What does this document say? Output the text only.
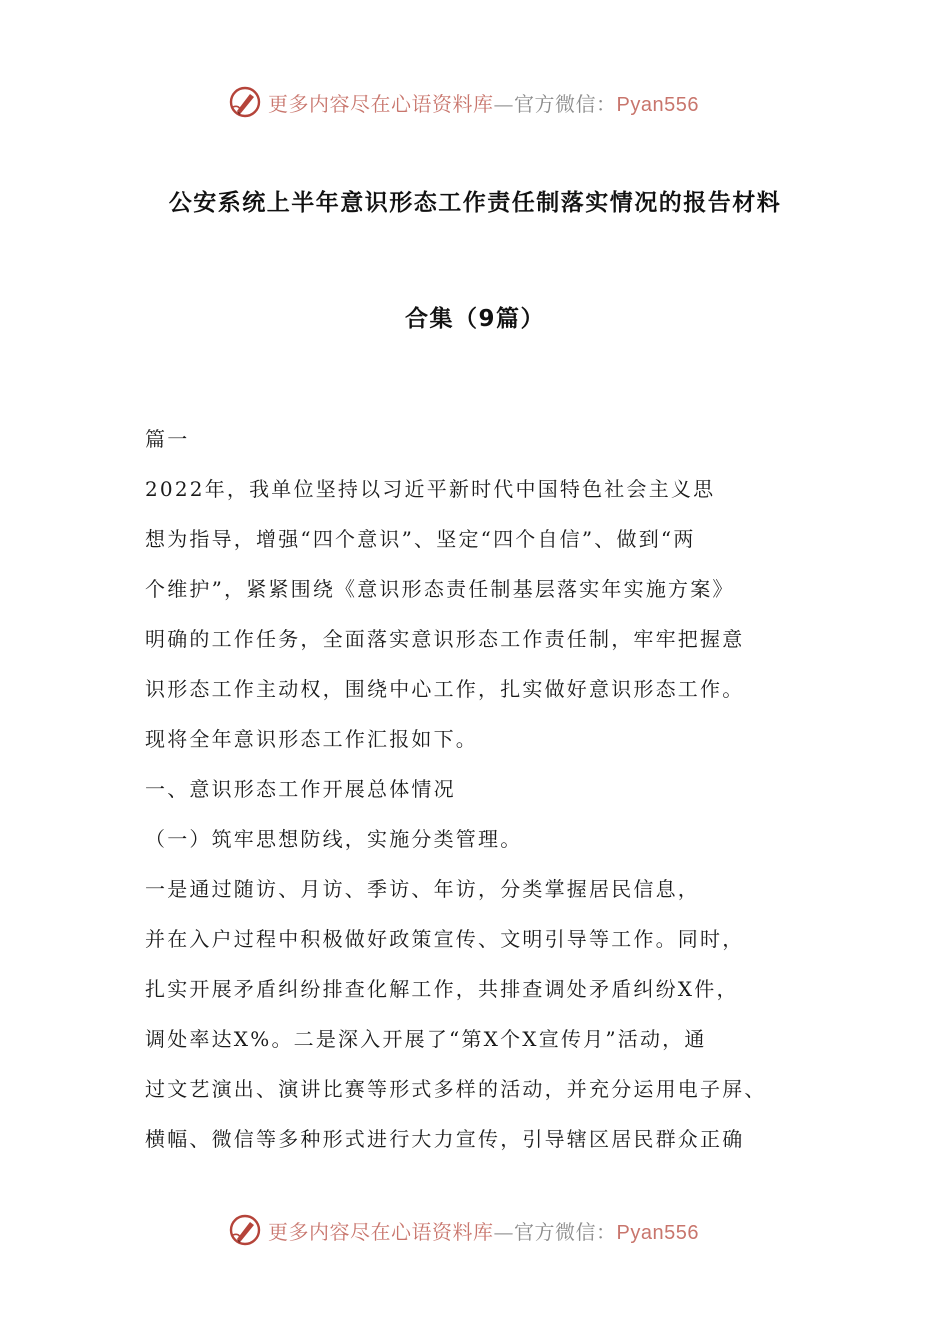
更多内容尽在心语资料库—官方微信：Pyan556
公安系统上半年意识形态工作责任制落实情况的报告材料
合集（9篇）
篇一
2022年，我单位坚持以习近平新时代中国特色社会主义思
想为指导，增强“四个意识”、坚定“四个自信”、做到“两
个维护”，紧紧围绕《意识形态责任制基层落实年实施方案》
明确的工作任务，全面落实意识形态工作责任制，牢牢把握意
识形态工作主动权，围绕中心工作，扎实做好意识形态工作。
现将全年意识形态工作汇报如下。
一、意识形态工作开展总体情况
（一）筑牢思想防线，实施分类管理。
一是通过随访、月访、季访、年访，分类掌握居民信息，
并在入户过程中积极做好政策宣传、文明引导等工作。同时，
扎实开展矛盾纠纷排查化解工作，共排查调处矛盾纠纷X件，
调处率达X%。二是深入开展了“第X个X宣传月”活动，通
过文艺演出、演讲比赛等形式多样的活动，并充分运用电子屏、
横幅、微信等多种形式进行大力宣传，引导辖区居民群众正确
更多内容尽在心语资料库—官方微信：Pyan556
